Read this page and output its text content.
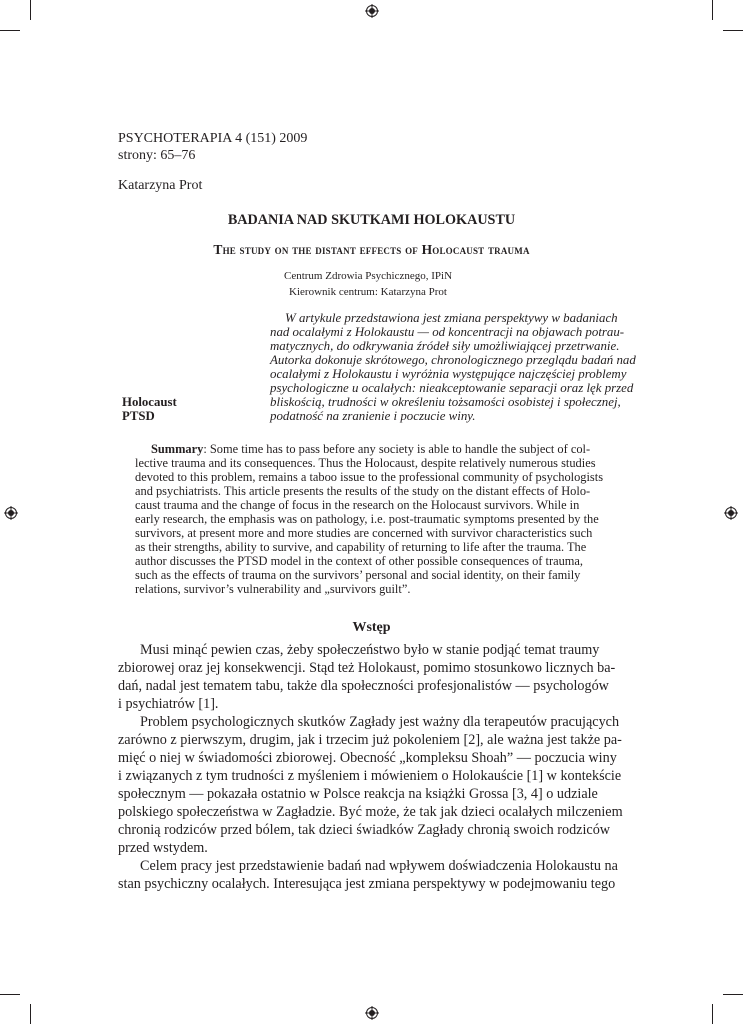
PSYCHOTERAPIA 4 (151) 2009
strony: 65–76
Katarzyna Prot
BADANIA NAD SKUTKAMI HOLOKAUSTU
The study on the distant effects of Holocaust trauma
Centrum Zdrowia Psychicznego, IPiN
Kierownik centrum: Katarzyna Prot
W artykule przedstawiona jest zmiana perspektywy w badaniach
nad ocalałymi z Holokaustu — od koncentracji na objawach potrau-
matycznych, do odkrywania źródeł siły umożliwiającej przetrwanie.
Autorka dokonuje skrótowego, chronologicznego przeglądu badań nad
ocalałymi z Holokaustu i wyróżnia występujące najczęściej problemy
psychologiczne u ocalałych: nieakceptowanie separacji oraz lęk przed
bliskością, trudności w określeniu tożsamości osobistej i społecznej,
podatność na zranienie i poczucie winy.
Holocaust
PTSD
Summary: Some time has to pass before any society is able to handle the subject of col-
lective trauma and its consequences. Thus the Holocaust, despite relatively numerous studies
devoted to this problem, remains a taboo issue to the professional community of psychologists
and psychiatrists. This article presents the results of the study on the distant effects of Holo-
caust trauma and the change of focus in the research on the Holocaust survivors. While in
early research, the emphasis was on pathology, i.e. post-traumatic symptoms presented by the
survivors, at present more and more studies are concerned with survivor characteristics such
as their strengths, ability to survive, and capability of returning to life after the trauma. The
author discusses the PTSD model in the context of other possible consequences of trauma,
such as the effects of trauma on the survivors’ personal and social identity, on their family
relations, survivor’s vulnerability and „survivors guilt”.
Wstęp
Musi minąć pewien czas, żeby społeczeństwo było w stanie podjąć temat traumy
zbiorowej oraz jej konsekwencji. Stąd też Holokaust, pomimo stosunkowo licznych ba-
dań, nadal jest tematem tabu, także dla społeczności profesjonalistów — psychologów
i psychiatrów [1].
Problem psychologicznych skutków Zagłady jest ważny dla terapeutów pracujących
zarówno z pierwszym, drugim, jak i trzecim już pokoleniem [2], ale ważna jest także pa-
mięć o niej w świadomości zbiorowej. Obecność „kompleksu Shoah” — poczucia winy
i związanych z tym trudności z myśleniem i mówieniem o Holokauście [1] w kontekście
społecznym — pokazała ostatnio w Polsce reakcja na książki Grossa [3, 4] o udziale
polskiego społeczeństwa w Zagładzie. Być może, że tak jak dzieci ocalałych milczeniem
chronią rodziców przed bólem, tak dzieci świadków Zagłady chronią swoich rodziców
przed wstydem.
Celem pracy jest przedstawienie badań nad wpływem doświadczenia Holokaustu na
stan psychiczny ocalałych. Interesująca jest zmiana perspektywy w podejmowaniu tego
